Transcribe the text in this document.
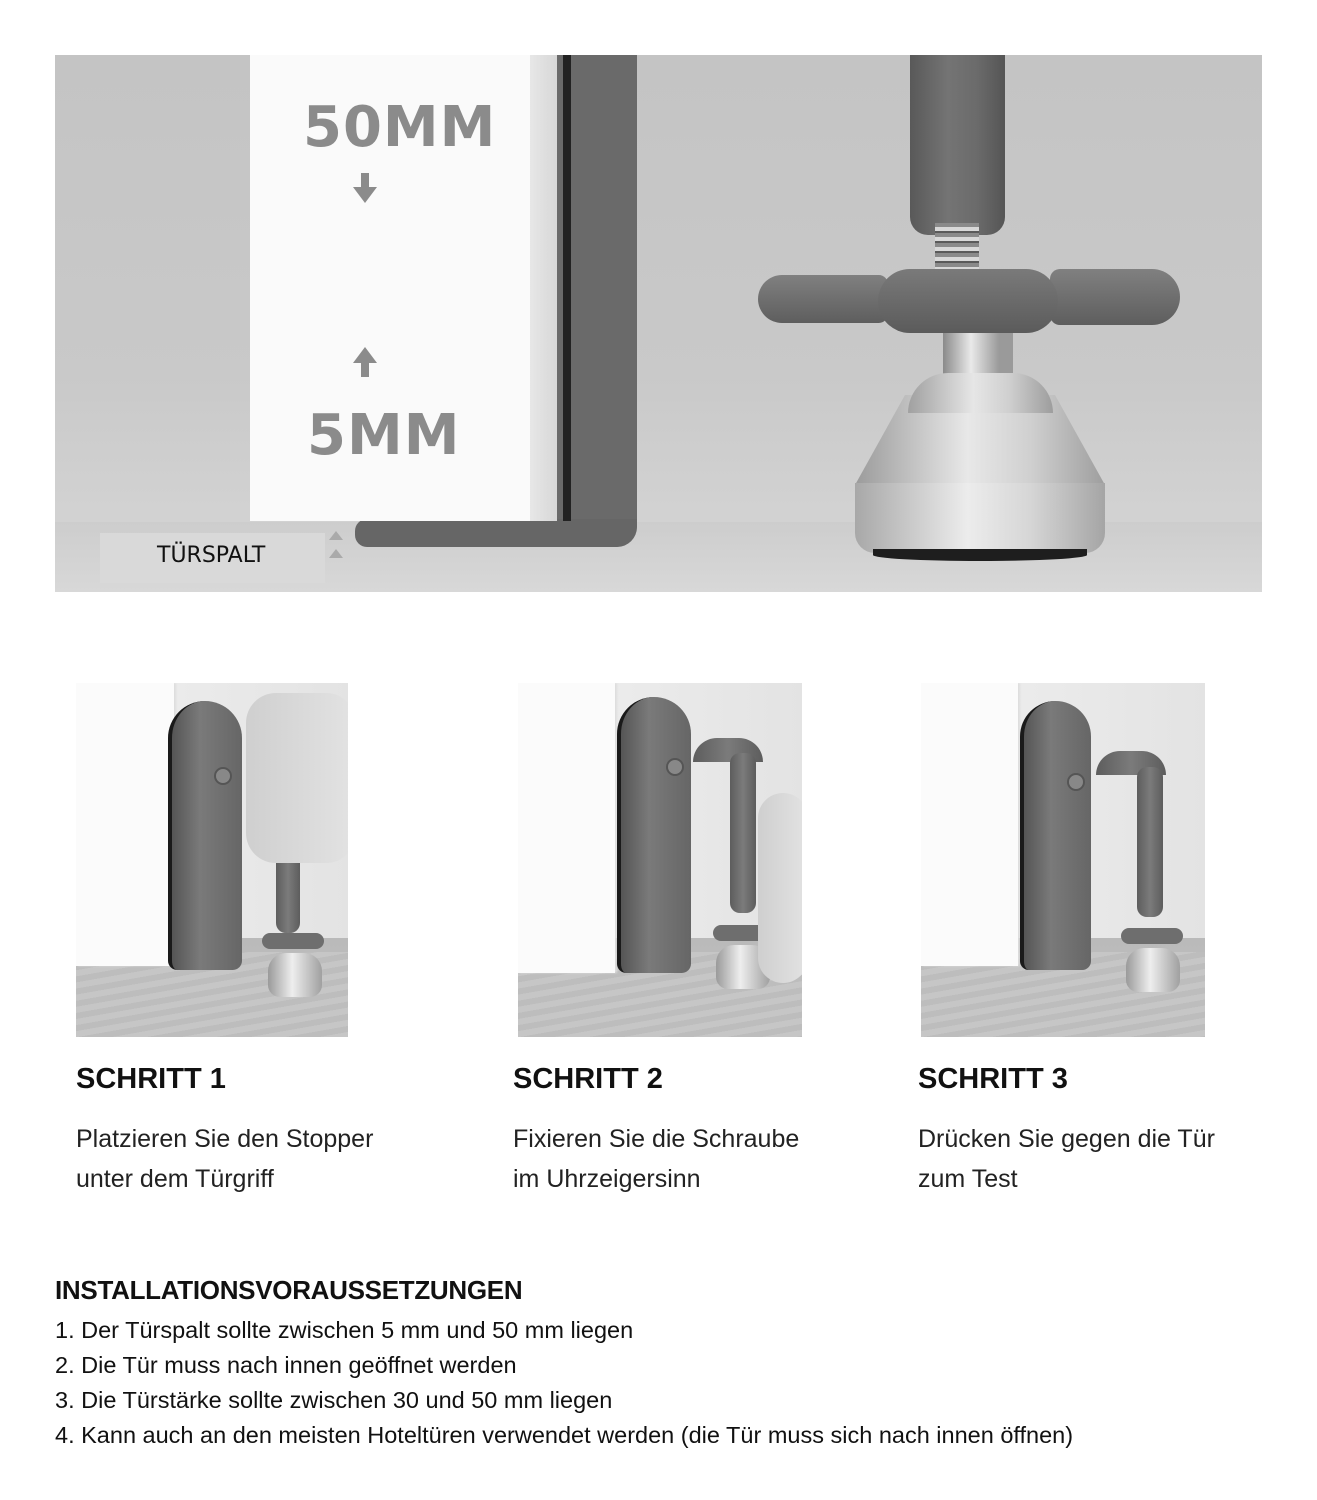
50MM
5MM
TÜRSPALT
SCHRITT 1
Platzieren Sie den Stopper
unter dem Türgriff
SCHRITT 2
Fixieren Sie die Schraube
im Uhrzeigersinn
SCHRITT 3
Drücken Sie gegen die Tür
zum Test
INSTALLATIONSVORAUSSETZUNGEN
1. Der Türspalt sollte zwischen 5 mm und 50 mm liegen
2. Die Tür muss nach innen geöffnet werden
3. Die Türstärke sollte zwischen 30 und 50 mm liegen
4. Kann auch an den meisten Hoteltüren verwendet werden (die Tür muss sich nach innen öffnen)
